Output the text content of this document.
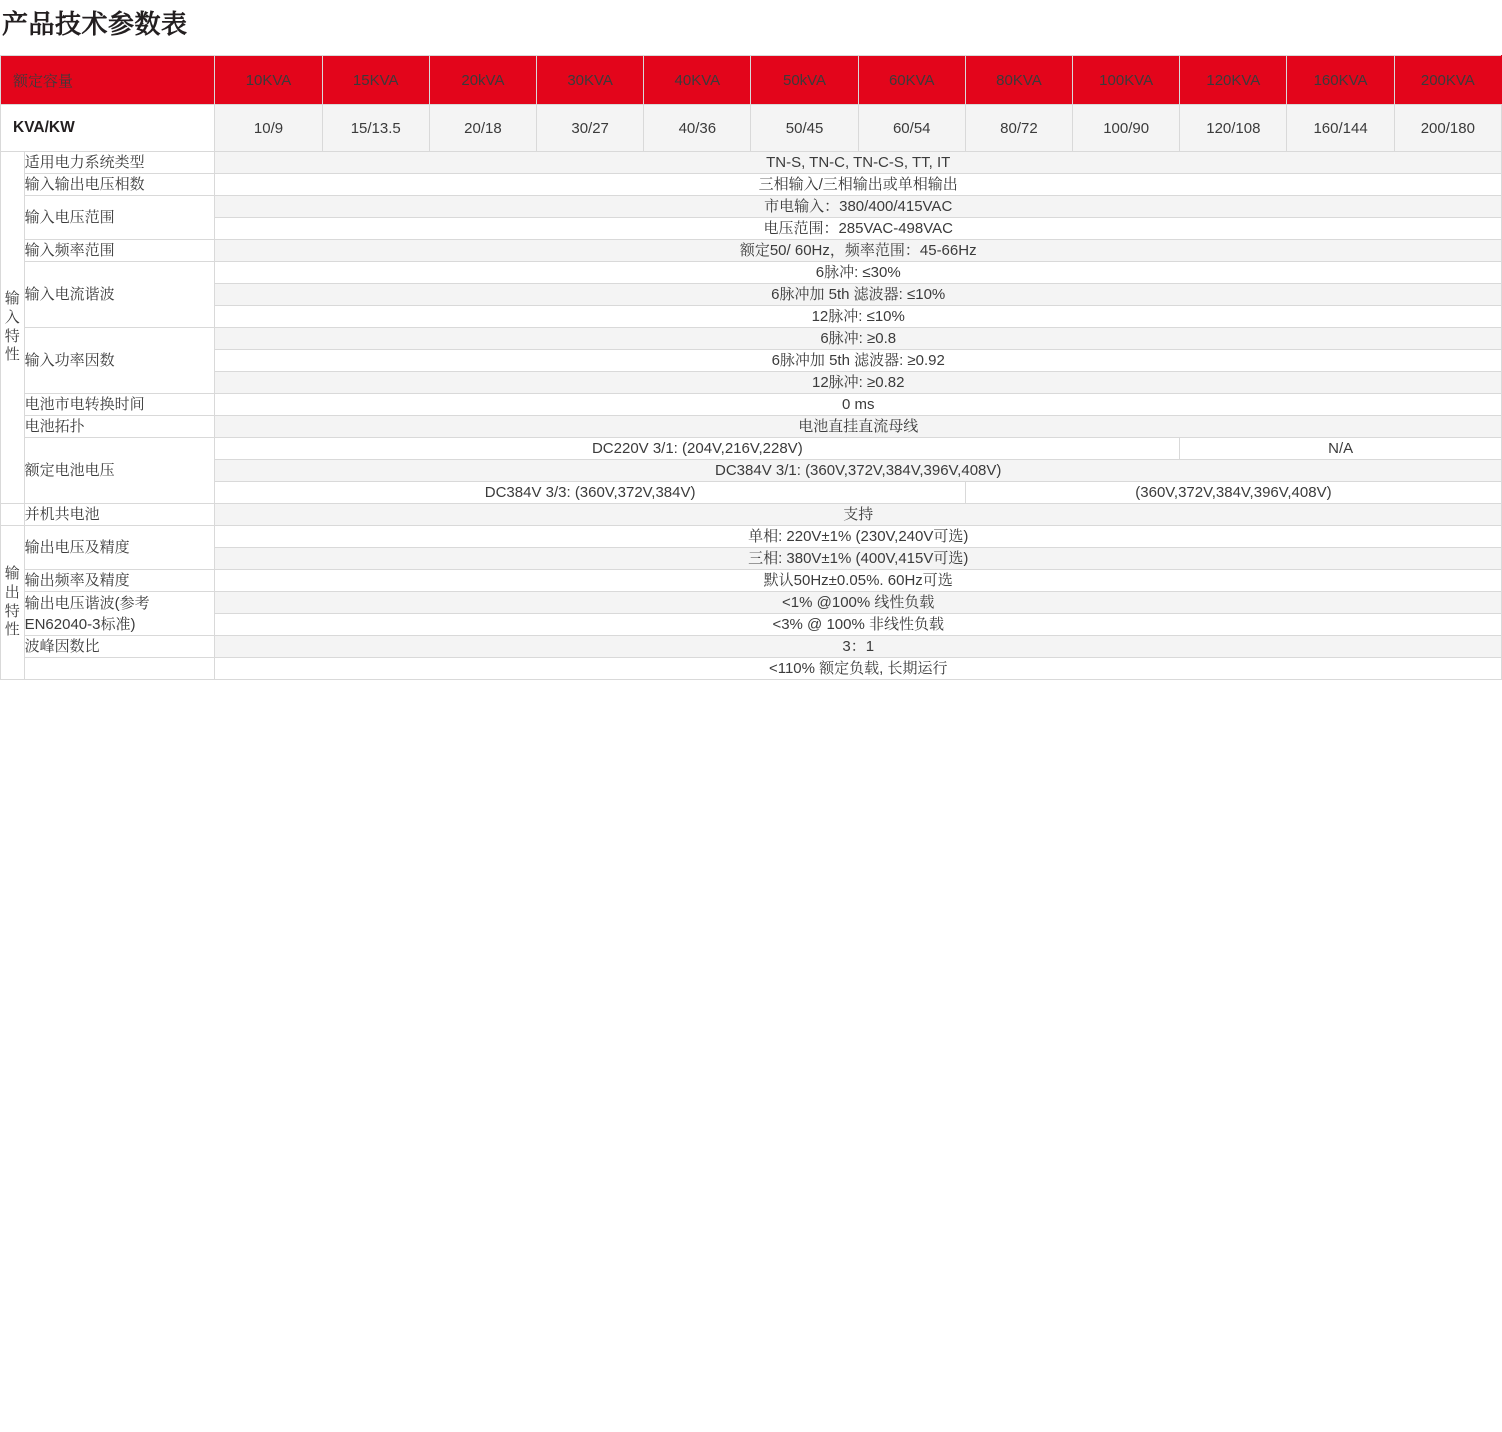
产品技术参数表
额定容量		10KVA	15KVA	20kVA	30KVA	40KVA	50kVA	60KVA	80KVA	100KVA	120KVA	160KVA	200KVA
KVA/KW		10/9	15/13.5	20/18	30/27	40/36	50/45	60/54	80/72	100/90	120/108	160/144	200/180
输入特性	适用电力系统类型	TN-S, TN-C, TN-C-S, TT, IT											
	输入输出电压相数	三相输入/三相输出或单相输出											
	输入电压范围	市电输入：380/400/415VAC											
		电压范围：285VAC-498VAC											
	输入频率范围	额定50/ 60Hz，频率范围：45-66Hz											
	输入电流谐波	6脉冲: ≤30%											
		6脉冲加 5th 滤波器: ≤10%											
		12脉冲: ≤10%											
	输入功率因数	6脉冲: ≥0.8											
		6脉冲加 5th 滤波器: ≥0.92											
		12脉冲: ≥0.82											
	电池市电转换时间	0 ms											
	电池拓扑	电池直挂直流母线											
	额定电池电压	DC220V 3/1: (204V,216V,228V)									N/A		
		DC384V 3/1: (360V,372V,384V,396V,408V)											
		DC384V 3/3: (360V,372V,384V)							(360V,372V,384V,396V,408V)				
	并机共电池	支持											
输出特性	输出电压及精度	单相: 220V±1% (230V,240V可选)											
		三相: 380V±1% (400V,415V可选)											
	输出频率及精度	默认50Hz±0.05%. 60Hz可选											
	输出电压谐波(参考EN62040-3标准)	<1% @100% 线性负载											
		<3% @ 100% 非线性负载											
	波峰因数比	3：1											
		<110% 额定负载, 长期运行											
